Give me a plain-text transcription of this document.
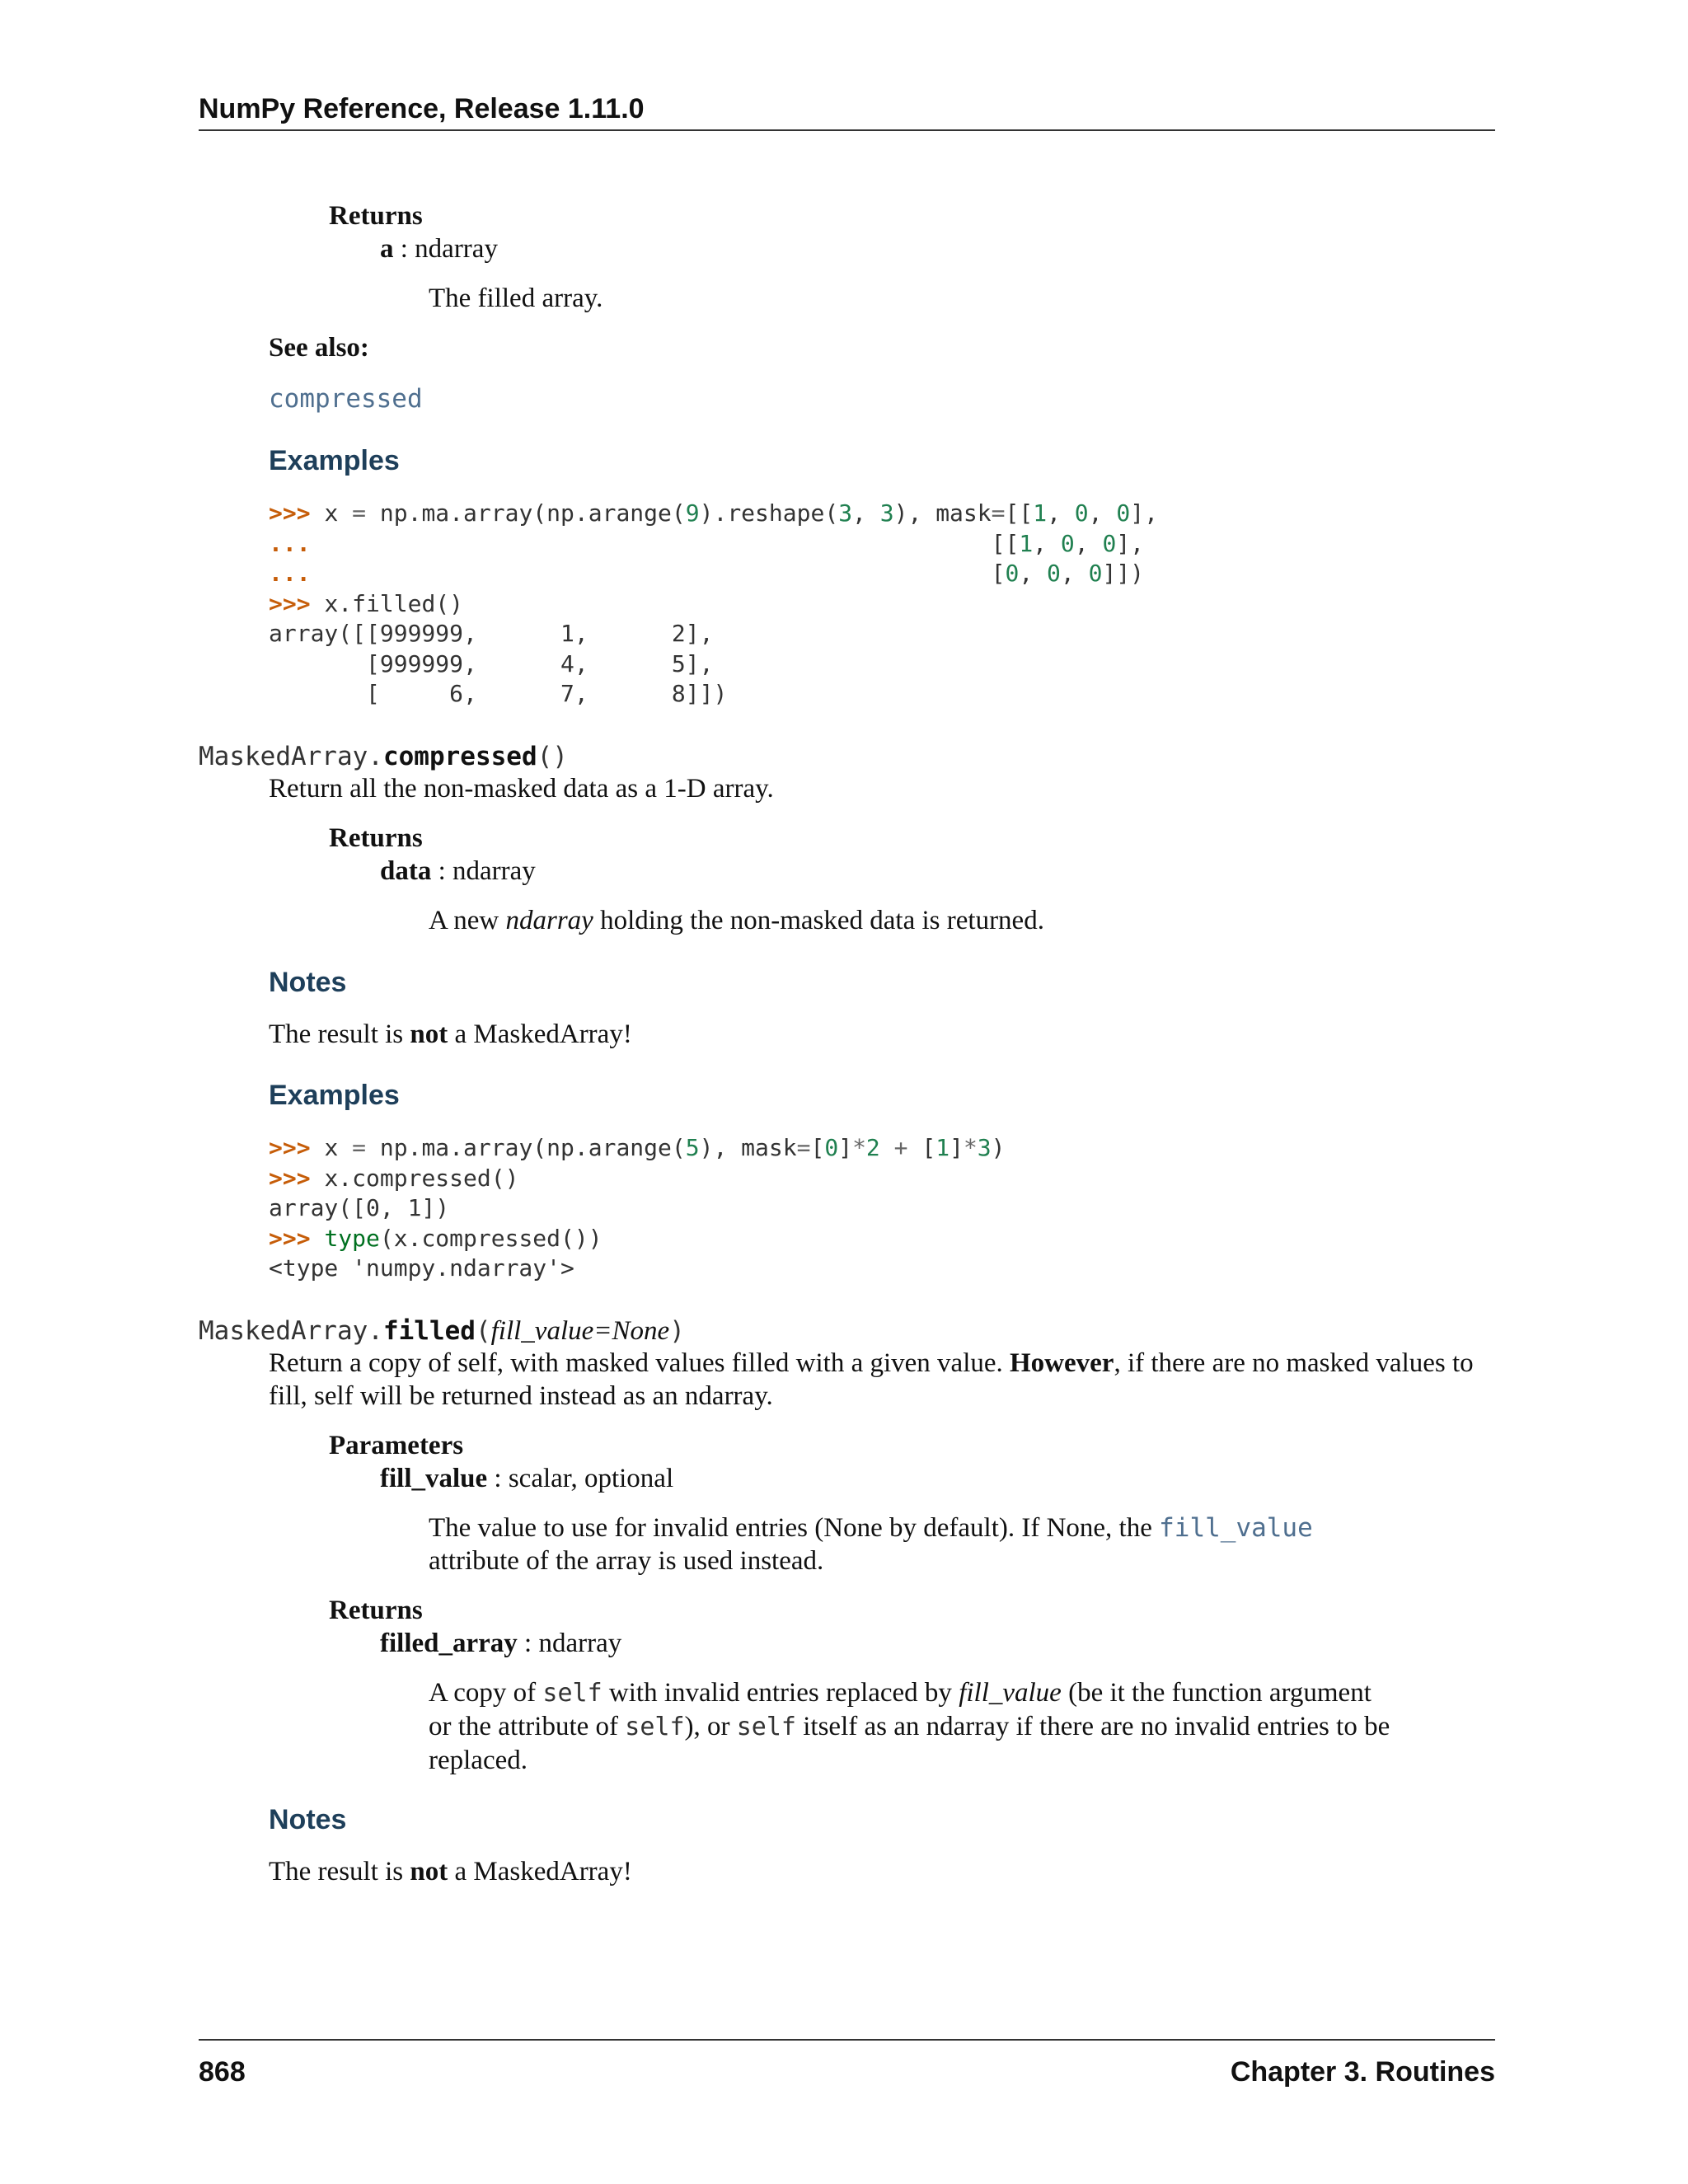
NumPy Reference, Release 1.11.0
Returns
a : ndarray
The filled array.
See also:
compressed
Examples
>>> x = np.ma.array(np.arange(9).reshape(3, 3), mask=[[1, 0, 0],
...                                                 [[1, 0, 0],
...                                                 [0, 0, 0]])
>>> x.filled()
array([[999999,      1,      2],
[999999,      4,      5],
[     6,      7,      8]])
MaskedArray.compressed()
Return all the non-masked data as a 1-D array.
Returns
data : ndarray
A new ndarray holding the non-masked data is returned.
Notes
The result is not a MaskedArray!
Examples
>>> x = np.ma.array(np.arange(5), mask=[0]*2 + [1]*3)
>>> x.compressed()
array([0, 1])
>>> type(x.compressed())
<type 'numpy.ndarray'>
MaskedArray.filled(fill_value=None)
Return a copy of self, with masked values filled with a given value. However, if there are no masked values to fill, self will be returned instead as an ndarray.
Parameters
fill_value : scalar, optional
The value to use for invalid entries (None by default). If None, the fill_value attribute of the array is used instead.
Returns
filled_array : ndarray
A copy of self with invalid entries replaced by fill_value (be it the function argument or the attribute of self), or self itself as an ndarray if there are no invalid entries to be replaced.
Notes
The result is not a MaskedArray!
868	Chapter 3. Routines
